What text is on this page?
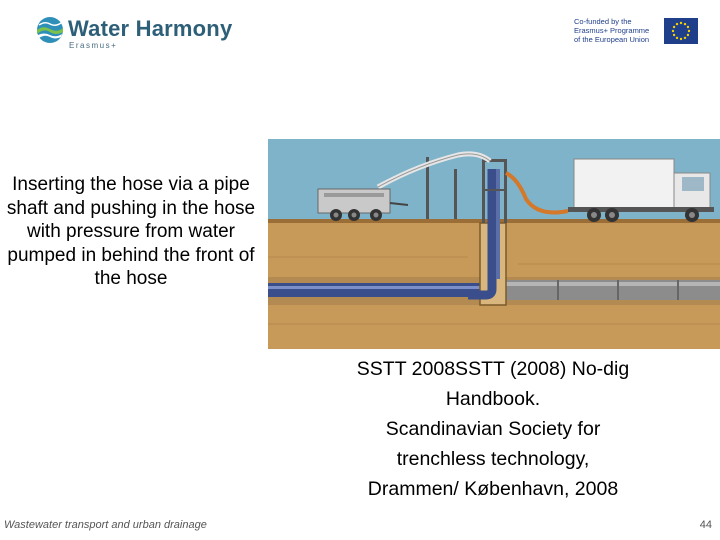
Water Harmony
Erasmus+
Co-funded by the
Erasmus+ Programme
of the European Union
Inserting the hose via a pipe shaft and pushing in the hose with pressure from water pumped in behind the front of the hose
SSTT 2008SSTT (2008) No-dig
Handbook.
Scandinavian Society for
trenchless technology,
Drammen/ København, 2008
Wastewater transport and urban drainage	44
